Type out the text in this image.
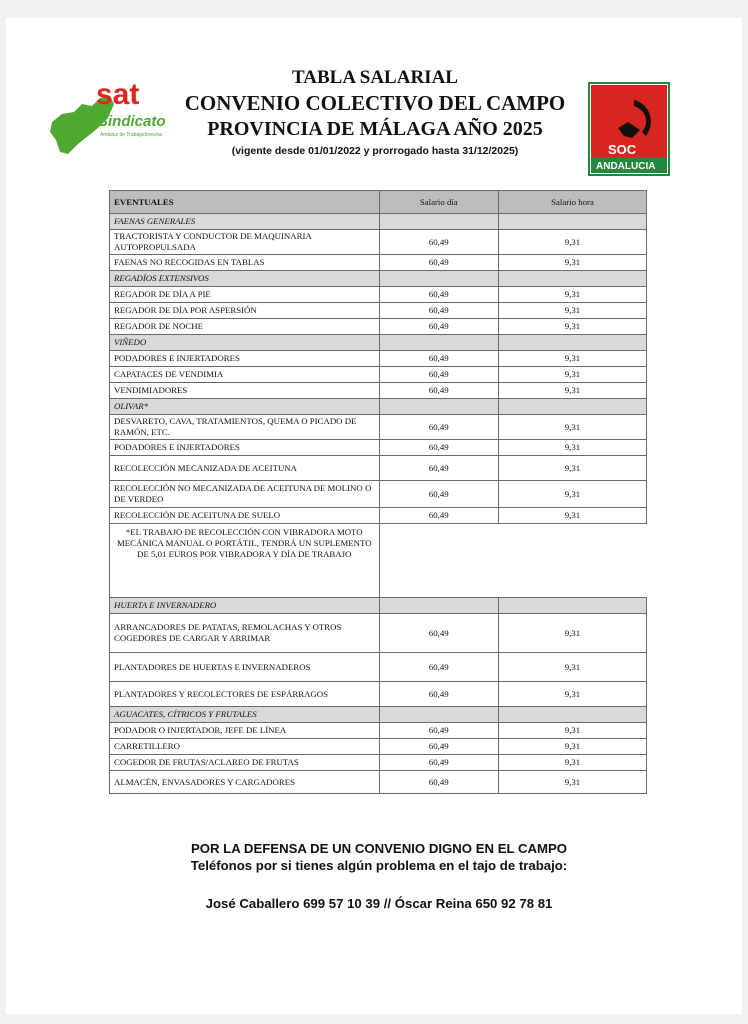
sat
Sindicato
Andaluz de Trabajadores/as
SOC
ANDALUCIA
TABLA SALARIAL
CONVENIO COLECTIVO DEL CAMPO
PROVINCIA DE MÁLAGA AÑO 2025
(vigente desde 01/01/2022 y prorrogado hasta 31/12/2025)
EVENTUALES	Salario día	Salario hora
FAENAS GENERALES		
TRACTORISTA Y CONDUCTOR DE MAQUINARIA AUTOPROPULSADA	60,49	9,31
FAENAS NO RECOGIDAS EN TABLAS	60,49	9,31
REGADÍOS EXTENSIVOS		
REGADOR DE DÍA A PIE	60,49	9,31
REGADOR DE DÍA POR ASPERSIÓN	60,49	9,31
REGADOR DE NOCHE	60,49	9,31
VIÑEDO		
PODADORES E INJERTADORES	60,49	9,31
CAPATACES DE VENDIMIA	60,49	9,31
VENDIMIADORES	60,49	9,31
OLIVAR*		
DESVARETO, CAVA, TRATAMIENTOS, QUEMA O PICADO DE RAMÓN, ETC.	60,49	9,31
PODADORES E INJERTADORES	60,49	9,31
RECOLECCIÓN MECANIZADA DE ACEITUNA	60,49	9,31
RECOLECCIÓN NO MECANIZADA DE ACEITUNA DE MOLINO O DE VERDEO	60,49	9,31
RECOLECCIÓN DE ACEITUNA DE SUELO	60,49	9,31
*EL TRABAJO DE RECOLECCIÓN CON VIBRADORA MOTO MECÁNICA MANUAL O PORTÁTIL, TENDRÁ UN SUPLEMENTO DE 5,01 EUROS POR VIBRADORA Y DÍA DE TRABAJO		
HUERTA E INVERNADERO		
ARRANCADORES DE PATATAS, REMOLACHAS Y OTROS COGEDORES DE CARGAR Y ARRIMAR	60,49	9,31
PLANTADORES DE HUERTAS E INVERNADEROS	60,49	9,31
PLANTADORES Y RECOLECTORES DE ESPÁRRAGOS	60,49	9,31
AGUACATES, CÍTRICOS Y FRUTALES		
PODADOR O INJERTADOR, JEFE DE LÍNEA	60,49	9,31
CARRETILLERO	60,49	9,31
COGEDOR DE FRUTAS/ACLAREO DE FRUTAS	60,49	9,31
ALMACÉN, ENVASADORES Y CARGADORES	60,49	9,31
POR LA DEFENSA DE UN CONVENIO DIGNO EN EL CAMPO
Teléfonos por si tienes algún problema en el tajo de trabajo:
José Caballero 699 57 10 39 // Óscar Reina 650 92 78 81
